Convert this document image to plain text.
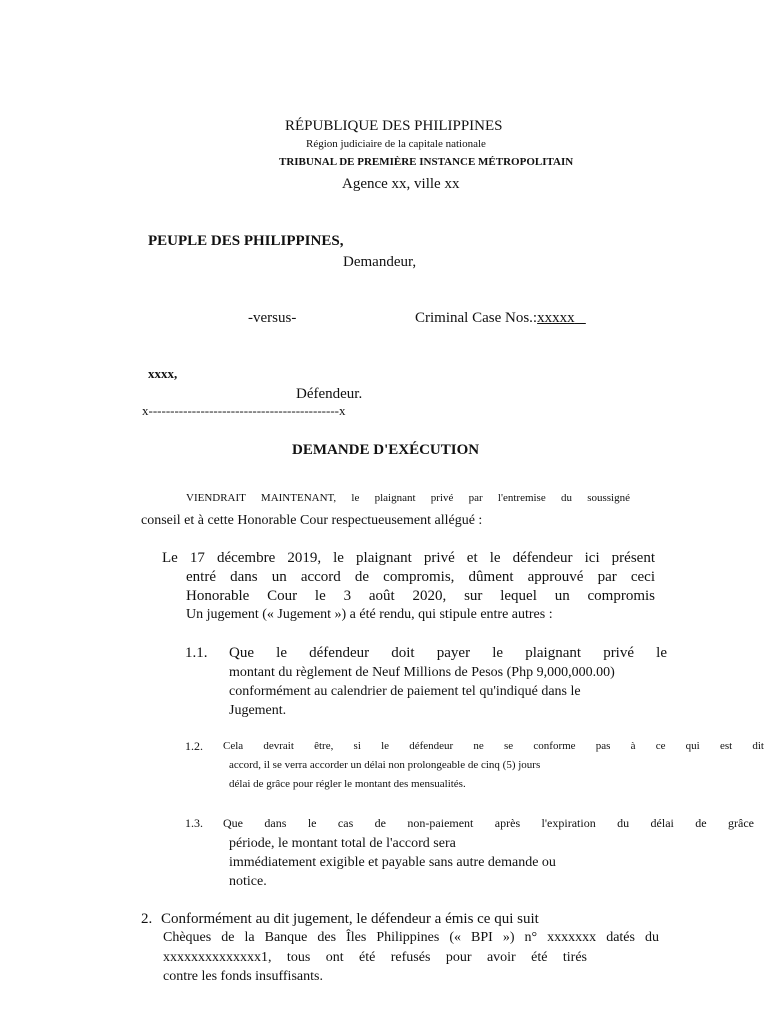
RÉPUBLIQUE DES PHILIPPINES
Région judiciaire de la capitale nationale
TRIBUNAL DE PREMIÈRE INSTANCE MÉTROPOLITAIN
Agence xx, ville xx
PEUPLE DES PHILIPPINES,
Demandeur,
-versus-	Criminal Case Nos.:xxxxx
xxxx,
Défendeur.
x--------------------------------------------x
DEMANDE D'EXÉCUTION
VIENDRAIT MAINTENANT, le plaignant privé par l'entremise du soussigné
conseil et à cette Honorable Cour respectueusement allégué :
Le 17 décembre 2019, le plaignant privé et le défendeur ici présent
entré dans un accord de compromis, dûment approuvé par ceci
Honorable Cour le 3 août 2020, sur lequel un compromis
Un jugement (« Jugement ») a été rendu, qui stipule entre autres :
1.1. Que le défendeur doit payer le plaignant privé le
montant du règlement de Neuf Millions de Pesos (Php 9,000,000.00)
conformément au calendrier de paiement tel qu'indiqué dans le
Jugement.
1.2. Cela devrait être, si le défendeur ne se conforme pas à ce qui est dit
accord, il se verra accorder un délai non prolongeable de cinq (5) jours
délai de grâce pour régler le montant des mensualités.
1.3. Que dans le cas de non-paiement après l'expiration du délai de grâce
période, le montant total de l'accord sera
immédiatement exigible et payable sans autre demande ou
notice.
2. Conformément au dit jugement, le défendeur a émis ce qui suit
Chèques de la Banque des Îles Philippines (« BPI ») n° xxxxxxx datés du
xxxxxxxxxxxxxx1, tous ont été refusés pour avoir été tirés
contre les fonds insuffisants.
